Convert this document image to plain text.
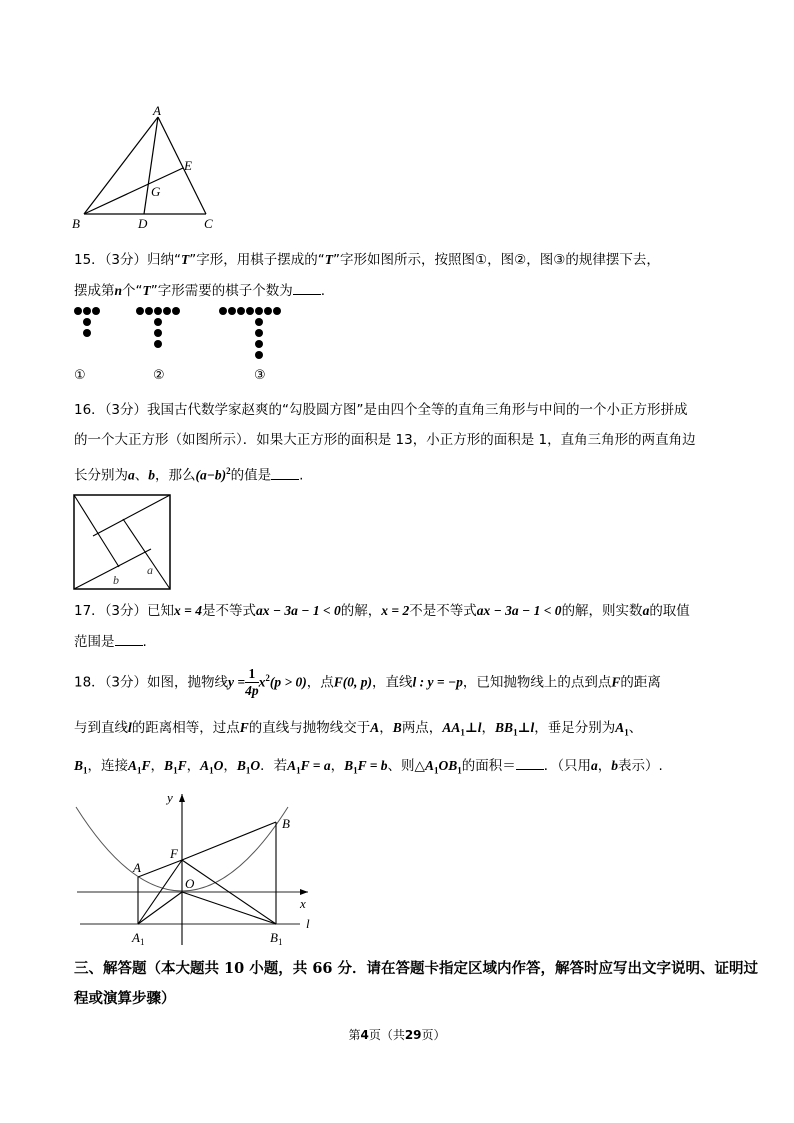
A
B	C
D
E
G
15．（3分）归纳“T”字形，用棋子摆成的“T”字形如图所示，按照图①，图②，图③的规律摆下去，
摆成第n个“T”字形需要的棋子个数为 .
①	②	③
16．（3分）我国古代数学家赵爽的“勾股圆方图”是由四个全等的直角三角形与中间的一个小正方形拼成
的一个大正方形（如图所示）．如果大正方形的面积是 13，小正方形的面积是 1，直角三角形的两直角边
长分别为a、b，那么$(a-b)^2$的值是 .
b
a
17．（3分）已知x = 4是不等式ax − 3a − 1 < 0的解，x = 2不是不等式ax − 3a − 1 < 0的解，则实数a的取值
范围是 .
18．（3分）如图，抛物线$y = \frac{1}{4p} x^2(p > 0)$，点F(0, p)，直线l : y = −p，已知抛物线上的点到点F的距离
与到直线l的距离相等，过点F的直线与抛物线交于A，B两点，$AA_1\perp l$，$BB_1\perp l$，垂足分别为$A_1$、
$B_1$，连接$A_1F$，$B_1F$，$A_1O$，$B_1O$．若$A_1F = a$，$B_1F = b$、则$\triangle A_1OB_1$的面积＝ ．（只用a，b表示）.
y
x
l
A
B
F
O
$A_1$	$B_1$
三、解答题（本大题共 10 小题，共 66 分．请在答题卡指定区域内作答，解答时应写出文字说明、证明过
程或演算步骤）
第4页（共29页）
